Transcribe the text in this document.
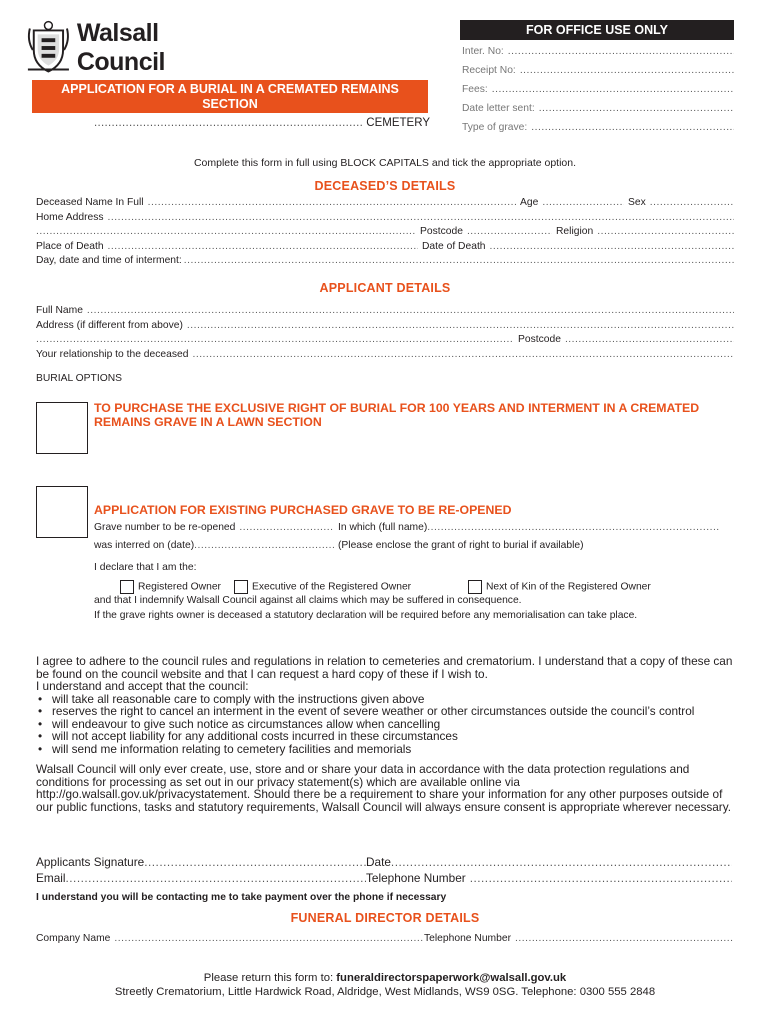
Walsall Council
APPLICATION FOR A BURIAL IN A CREMATED REMAINS SECTION
.....
CEMETERY
FOR OFFICE USE ONLY
Inter. No:
.....
Receipt No:
.....
Fees:
.....
Date letter sent:
.....
Type of grave:
.....
Complete this form in full using BLOCK CAPITALS and tick the appropriate option.
DECEASED’S DETAILS
Deceased Name In Full .....	Age .....	Sex
.....
Home Address
.....
.....
Postcode .....	Religion
.....
Place of Death .....	Date of Death
.....
Day, date and time of interment:
.....
APPLICANT DETAILS
Full Name
.....
Address (if different from above)
.....
.....
Postcode
.....
Your relationship to the deceased
.....
BURIAL OPTIONS
TO PURCHASE THE EXCLUSIVE RIGHT OF BURIAL FOR 100 YEARS AND INTERMENT IN A CREMATED REMAINS GRAVE IN A LAWN SECTION
APPLICATION FOR EXISTING PURCHASED GRAVE TO BE RE-OPENED
Grave number to be re-opened .....	In which (full name)
.....
was interred on (date) .....	(Please enclose the grant of right to burial if available)
I declare that I am the:
Registered Owner	Executive of the Registered Owner	Next of Kin of the Registered Owner
and that I indemnify Walsall Council against all claims which may be suffered in consequence.
If the grave rights owner is deceased a statutory declaration will be required before any memorialisation can take place.
I agree to adhere to the council rules and regulations in relation to cemeteries and crematorium. I understand that a copy of these can be found on the council website and that I can request a hard copy of these if I wish to.
I understand and accept that the council:
• will take all reasonable care to comply with the instructions given above
• reserves the right to cancel an interment in the event of severe weather or other circumstances outside the council’s control
• will endeavour to give such notice as circumstances allow when cancelling
• will not accept liability for any additional costs incurred in these circumstances
• will send me information relating to cemetery facilities and memorials
Walsall Council will only ever create, use, store and or share your data in accordance with the data protection regulations and conditions for processing as set out in our privacy statement(s) which are available online via http://go.walsall.gov.uk/privacystatement. Should there be a requirement to share your information for any other purposes outside of our public functions, tasks and statutory requirements, Walsall Council will always ensure consent is appropriate wherever necessary.
Applicants Signature .....	Date
.....
Email .....	Telephone Number
.....
I understand you will be contacting me to take payment over the phone if necessary
FUNERAL DIRECTOR DETAILS
Company Name .....	Telephone Number
.....
Please return this form to: funeraldirectorspaperwork@walsall.gov.uk
Streetly Crematorium, Little Hardwick Road, Aldridge, West Midlands, WS9 0SG. Telephone: 0300 555 2848
